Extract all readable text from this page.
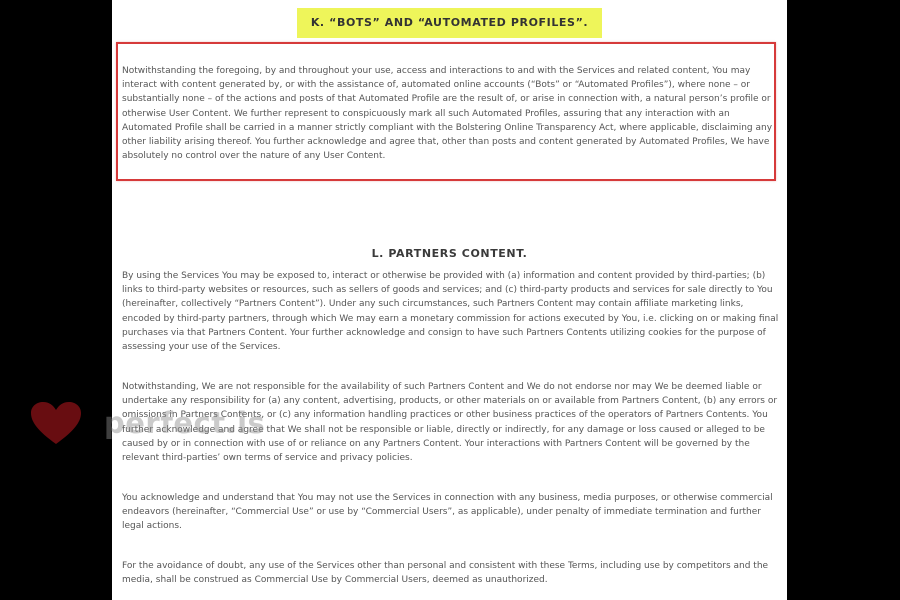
K. “BOTS” AND “AUTOMATED PROFILES”.

Notwithstanding the foregoing, by and throughout your use, access and interactions to and with the Services and related content, You may interact with content generated by, or with the assistance of, automated online accounts (“Bots” or “Automated Profiles”), where none – or substantially none – of the actions and posts of that Automated Profile are the result of, or arise in connection with, a natural person’s profile or otherwise User Content. We further represent to conspicuously mark all such Automated Profiles, assuring that any interaction with an Automated Profile shall be carried in a manner strictly compliant with the Bolstering Online Transparency Act, where applicable, disclaiming any other liability arising thereof. You further acknowledge and agree that, other than posts and content generated by Automated Profiles, We have absolutely no control over the nature of any User Content.

L. PARTNERS CONTENT.

By using the Services You may be exposed to, interact or otherwise be provided with (a) information and content provided by third-parties; (b) links to third-party websites or resources, such as sellers of goods and services; and (c) third-party products and services for sale directly to You (hereinafter, collectively “Partners Content”). Under any such circumstances, such Partners Content may contain affiliate marketing links, encoded by third-party partners, through which We may earn a monetary commission for actions executed by You, i.e. clicking on or making final purchases via that Partners Content. Your further acknowledge and consign to have such Partners Contents utilizing cookies for the purpose of assessing your use of the Services.

Notwithstanding, We are not responsible for the availability of such Partners Content and We do not endorse nor may We be deemed liable or undertake any responsibility for (a) any content, advertising, products, or other materials on or available from Partners Content, (b) any errors or omissions in Partners Contents, or (c) any information handling practices or other business practices of the operators of Partners Contents. You further acknowledge and agree that We shall not be responsible or liable, directly or indirectly, for any damage or loss caused or alleged to be caused by or in connection with use of or reliance on any Partners Content. Your interactions with Partners Content will be governed by the relevant third-parties’ own terms of service and privacy policies.

You acknowledge and understand that You may not use the Services in connection with any business, media purposes, or otherwise commercial endeavors (hereinafter, “Commercial Use” or use by “Commercial Users”, as applicable), under penalty of immediate termination and further legal actions.

For the avoidance of doubt, any use of the Services other than personal and consistent with these Terms, including use by competitors and the media, shall be construed as Commercial Use by Commercial Users, deemed as unauthorized.

perfect.is
